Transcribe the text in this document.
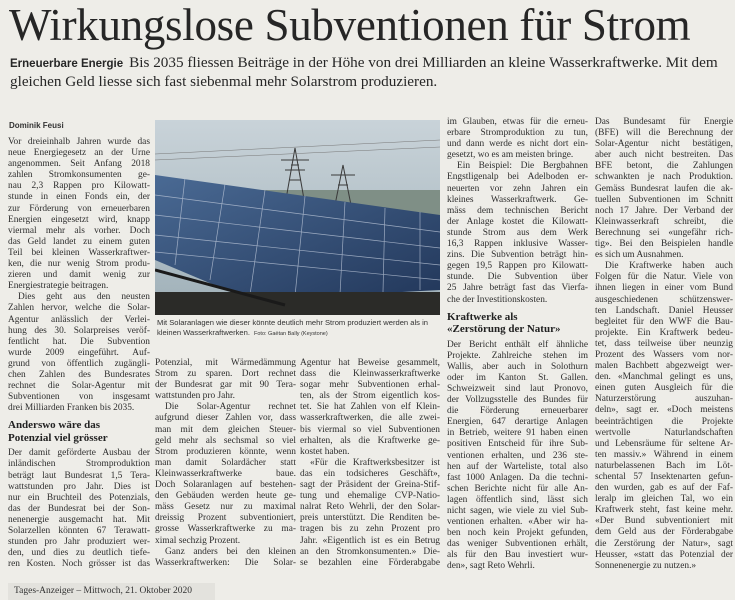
Wirkungslose Subventionen für Strom
Erneuerbare Energie Bis 2035 fliessen Beiträge in der Höhe von drei Milliarden an kleine Wasserkraftwerke. Mit dem gleichen Geld liesse sich fast siebenmal mehr Solarstrom produzieren.
Dominik Feusi
Vor dreieinhalb Jahren wurde das
neue Energiegesetz an der Urne
angenommen. Seit Anfang 2018
zahlen Stromkonsumenten ge-
nau 2,3 Rappen pro Kilowatt-
stunde in einen Fonds ein, der
zur Förderung von erneuerbaren
Energien eingesetzt wird, knapp
viermal mehr als vorher. Doch
das Geld landet zu einem guten
Teil bei kleinen Wasserkraftwer-
ken, die nur wenig Strom produ-
zieren und damit wenig zur
Energiestrategie beitragen.
Dies geht aus den neusten
Zahlen hervor, welche die Solar-
Agentur anlässlich der Verlei-
hung des 30. Solarpreises veröf-
fentlicht hat. Die Subvention
wurde 2009 eingeführt. Auf-
grund von öffentlich zugängli-
chen Zahlen des Bundesrates
rechnet die Solar-Agentur mit
Subventionen von insgesamt
drei Milliarden Franken bis 2035.
Anderswo wäre das
Potenzial viel grösser
Der damit geförderte Ausbau der
inländischen Stromproduktion
beträgt laut Bundesrat 1,5 Tera-
wattstunden pro Jahr. Dies ist
nur ein Bruchteil des Potenzials,
das der Bundesrat bei der Son-
nenenergie ausgemacht hat. Mit
Solarzellen könnten 67 Terawatt-
stunden pro Jahr produziert wer-
den, und dies zu deutlich tiefe-
ren Kosten. Noch grösser ist das
Potenzial, mit Wärmedämmung
Strom zu sparen. Dort rechnet
der Bundesrat gar mit 90 Tera-
wattstunden pro Jahr.
Die Solar-Agentur rechnet
aufgrund dieser Zahlen vor, dass
man mit dem gleichen Steuer-
geld mehr als sechsmal so viel
Strom produzieren könnte, wenn
man damit Solardächer statt
Kleinwasserkraftwerke baue.
Doch Solaranlagen auf bestehen-
den Gebäuden werden heute ge-
mäss Gesetz nur zu maximal
dreissig Prozent subventioniert,
grosse Wasserkraftwerke zu ma-
ximal sechzig Prozent.
Ganz anders bei den kleinen
Wasserkraftwerken: Die Solar-
Agentur hat Beweise gesammelt,
dass die Kleinwasserkraftwerke
sogar mehr Subventionen erhal-
ten, als der Strom eigentlich kos-
tet. Sie hat Zahlen von elf Klein-
wasserkraftwerken, die alle zwei-
bis viermal so viel Subventionen
erhalten, als die Kraftwerke ge-
kostet haben.
«Für die Kraftwerksbesitzer ist
das ein todsicheres Geschäft»,
sagt der Präsident der Greina-Stif-
tung und ehemalige CVP-Natio-
nalrat Reto Wehrli, der den Solar-
preis unterstützt. Die Renditen be-
tragen bis zu zehn Prozent pro
Jahr. «Eigentlich ist es ein Betrug
an den Stromkonsumenten.» Die-
se bezahlen eine Förderabgabe
im Glauben, etwas für die erneu-
erbare Stromproduktion zu tun,
und dann werde es nicht dort ein-
gesetzt, wo es am meisten bringe.
Ein Beispiel: Die Bergbahnen
Engstligenalp bei Adelboden er-
neuerten vor zehn Jahren ein
kleines Wasserkraftwerk. Ge-
mäss dem technischen Bericht
der Anlage kostet die Kilowatt-
stunde Strom aus dem Werk
16,3 Rappen inklusive Wasser-
zins. Die Subvention beträgt hin-
gegen 19,5 Rappen pro Kilowatt-
stunde. Die Subvention über
25 Jahre beträgt fast das Vierfa-
che der Investitionskosten.
Kraftwerke als
«Zerstörung der Natur»
Der Bericht enthält elf ähnliche
Projekte. Zahlreiche stehen im
Wallis, aber auch in Solothurn
oder im Kanton St. Gallen.
Schweizweit sind laut Pronovo,
der Vollzugsstelle des Bundes für
die Förderung erneuerbarer
Energien, 647 derartige Anlagen
in Betrieb, weitere 91 haben einen
positiven Entscheid für ihre Sub-
ventionen erhalten, und 236 ste-
hen auf der Warteliste, total also
fast 1000 Anlagen. Da die techni-
schen Berichte nicht für alle An-
lagen öffentlich sind, lässt sich
nicht sagen, wie viele zu viel Sub-
ventionen erhalten. «Aber wir ha-
ben noch kein Projekt gefunden,
das weniger Subventionen erhält,
als für den Bau investiert wur-
den», sagt Reto Wehrli.
Das Bundesamt für Energie
(BFE) will die Berechnung der
Solar-Agentur nicht bestätigen,
aber auch nicht bestreiten. Das
BFE betont, die Zahlungen
schwankten je nach Produktion.
Gemäss Bundesrat laufen die ak-
tuellen Subventionen im Schnitt
noch 17 Jahre. Der Verband der
Kleinwasserkraft schreibt, die
Berechnung sei «ungefähr rich-
tig». Bei den Beispielen handle
es sich um Ausnahmen.
Die Kraftwerke haben auch
Folgen für die Natur. Viele von
ihnen liegen in einer vom Bund
ausgeschiedenen schützenswer-
ten Landschaft. Daniel Heusser
begleitet für den WWF die Bau-
projekte. Ein Kraftwerk bedeu-
tet, dass teilweise über neunzig
Prozent des Wassers vom nor-
malen Bachbett abgezweigt wer-
den. «Manchmal gelingt es uns,
einen guten Ausgleich für die
Naturzerstörung auszuhan-
deln», sagt er. «Doch meistens
beeinträchtigen die Projekte
wertvolle Naturlandschaften
und Lebensräume für seltene Ar-
ten massiv.» Während in einem
naturbelassenen Bach im Löt-
schental 57 Insektenarten gefun-
den wurden, gab es auf der Faf-
leralp im gleichen Tal, wo ein
Kraftwerk steht, fast keine mehr.
«Der Bund subventioniert mit
dem Geld aus der Förderabgabe
die Zerstörung der Natur», sagt
Heusser, «statt das Potenzial der
Sonnenenergie zu nutzen.»
Mit Solaranlagen wie dieser könnte deutlich mehr Strom produziert werden als in kleinen Wasserkraftwerken. Foto: Gaëtan Bally (Keystone)
Tages-Anzeiger – Mittwoch, 21. Oktober 2020
